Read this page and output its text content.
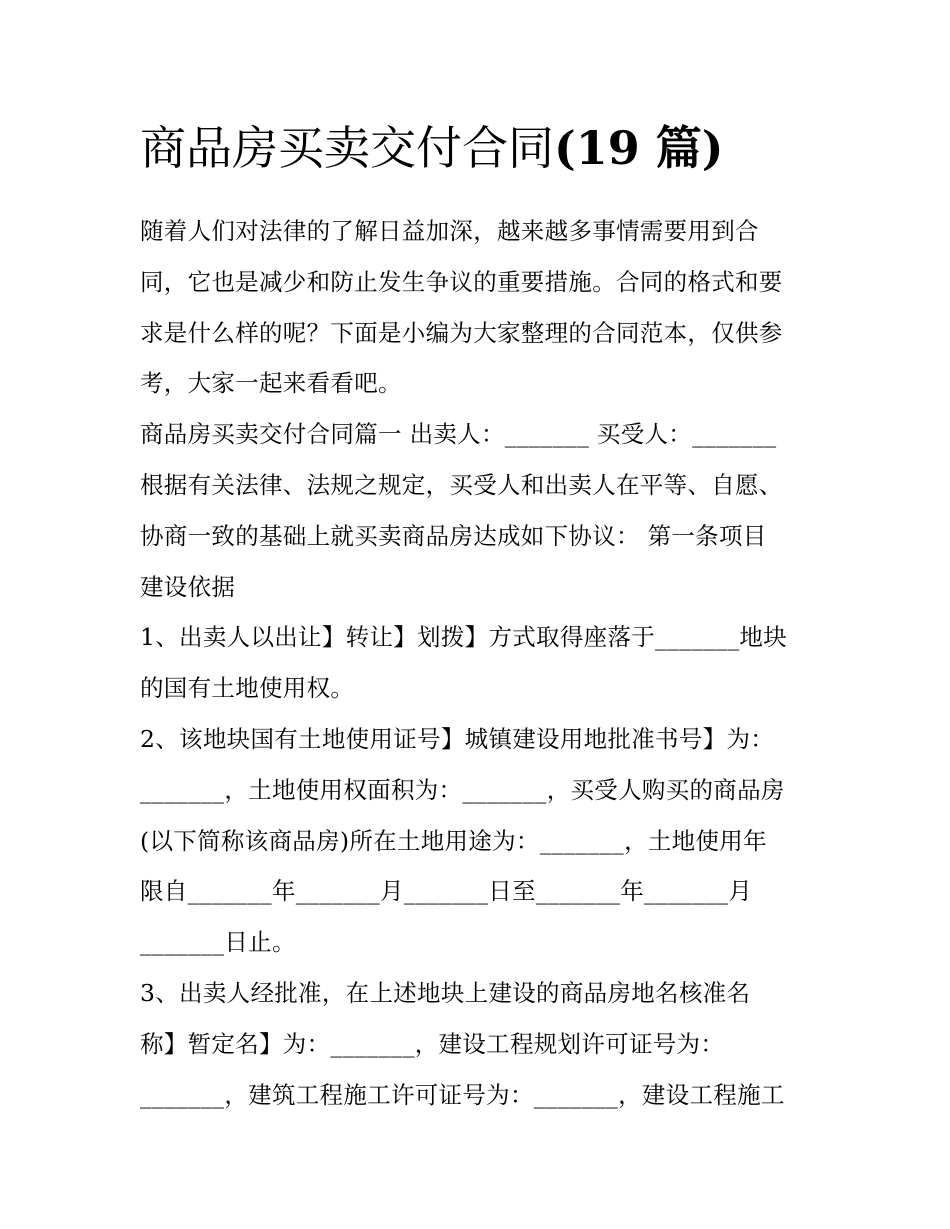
商品房买卖交付合同(19 篇)

随着人们对法律的了解日益加深，越来越多事情需要用到合
同，它也是减少和防止发生争议的重要措施。合同的格式和要
求是什么样的呢？下面是小编为大家整理的合同范本，仅供参
考，大家一起来看看吧。

商品房买卖交付合同篇一 出卖人：_______ 买受人：_______
根据有关法律、法规之规定，买受人和出卖人在平等、自愿、
协商一致的基础上就买卖商品房达成如下协议： 第一条项目
建设依据

1、出卖人以出让】转让】划拨】方式取得座落于_______地块
的国有土地使用权。

2、该地块国有土地使用证号】城镇建设用地批准书号】为：
_______，土地使用权面积为：_______，买受人购买的商品房
(以下简称该商品房)所在土地用途为：_______，土地使用年
限自_______年_______月_______日至_______年_______月
_______日止。

3、出卖人经批准，在上述地块上建设的商品房地名核准名
称】暂定名】为：_______，建设工程规划许可证号为：
_______，建筑工程施工许可证号为：_______，建设工程施工
